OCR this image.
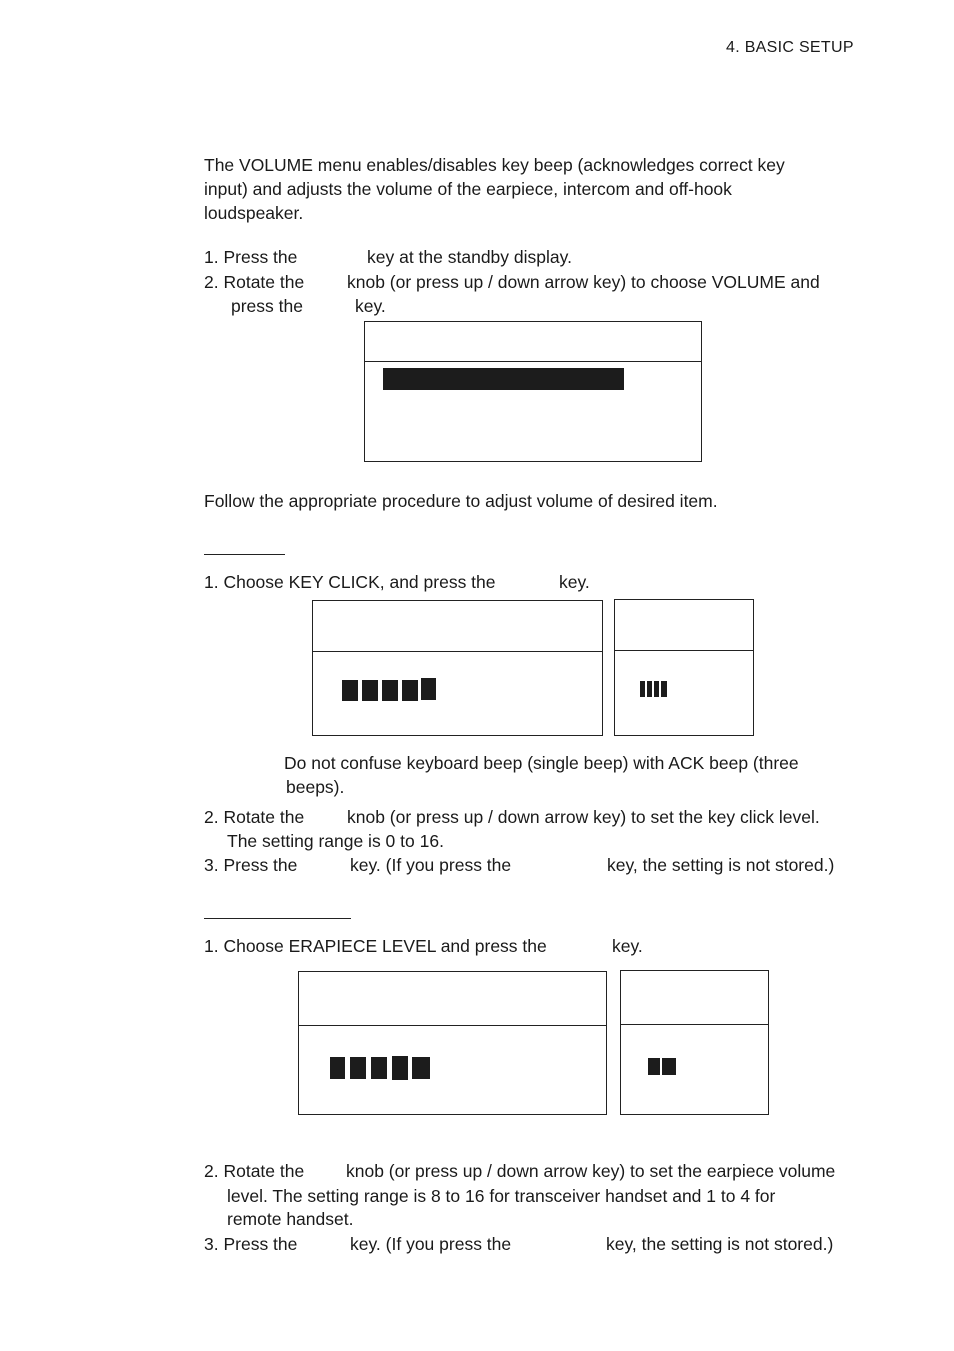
4. BASIC SETUP
The VOLUME menu enables/disables key beep (acknowledges correct key
input) and adjusts the volume of the earpiece, intercom and off-hook
loudspeaker.
1. Press the	key at the standby display.
2. Rotate the knob (or press up / down arrow key) to choose VOLUME and
press the	key.
Follow the appropriate procedure to adjust volume of desired item.
1. Choose KEY CLICK, and press the	key.
Do not confuse keyboard beep (single beep) with ACK beep (three
beeps).
2. Rotate the knob (or press up / down arrow key) to set the key click level.
The setting range is 0 to 16.
3. Press the	key. (If you press the	key, the setting is not stored.)
1. Choose ERAPIECE LEVEL and press the	key.
2. Rotate the knob (or press up / down arrow key) to set the earpiece volume
level. The setting range is 8 to 16 for transceiver handset and 1 to 4 for
remote handset.
3. Press the	key. (If you press the	key, the setting is not stored.)
